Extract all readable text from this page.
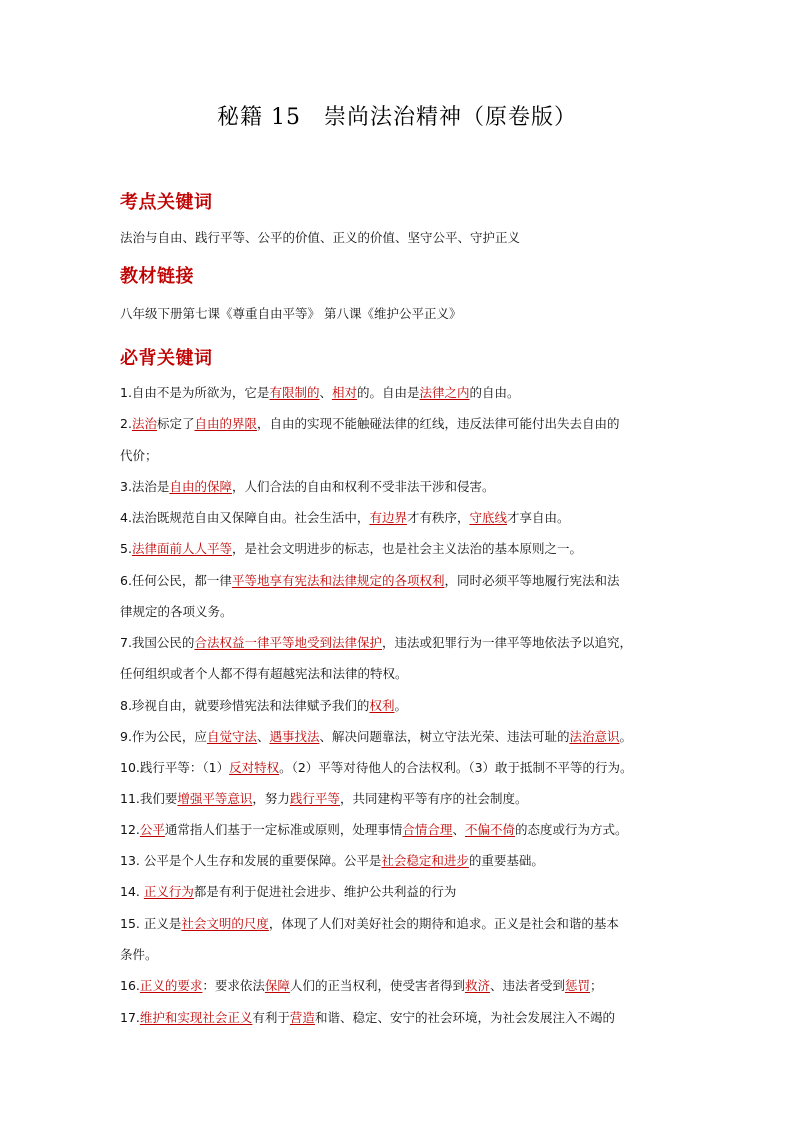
秘籍 15　崇尚法治精神（原卷版）
考点关键词
法治与自由、践行平等、公平的价值、正义的价值、坚守公平、守护正义
教材链接
八年级下册第七课《尊重自由平等》 第八课《维护公平正义》
必背关键词
1.自由不是为所欲为，它是有限制的、相对的。自由是法律之内的自由。
2.法治标定了自由的界限，自由的实现不能触碰法律的红线，违反法律可能付出失去自由的
代价；
3.法治是自由的保障，人们合法的自由和权利不受非法干涉和侵害。
4.法治既规范自由又保障自由。社会生活中，有边界才有秩序，守底线才享自由。
5.法律面前人人平等，是社会文明进步的标志，也是社会主义法治的基本原则之一。
6.任何公民，都一律平等地享有宪法和法律规定的各项权利，同时必须平等地履行宪法和法
律规定的各项义务。
7.我国公民的合法权益一律平等地受到法律保护，违法或犯罪行为一律平等地依法予以追究，
任何组织或者个人都不得有超越宪法和法律的特权。
8.珍视自由，就要珍惜宪法和法律赋予我们的权利。
9.作为公民，应自觉守法、遇事找法、解决问题靠法，树立守法光荣、违法可耻的法治意识。
10.践行平等：（1）反对特权。（2）平等对待他人的合法权利。（3）敢于抵制不平等的行为。
11.我们要增强平等意识，努力践行平等，共同建构平等有序的社会制度。
12.公平通常指人们基于一定标准或原则，处理事情合情合理、不偏不倚的态度或行为方式。
13. 公平是个人生存和发展的重要保障。公平是社会稳定和进步的重要基础。
14. 正义行为都是有利于促进社会进步、维护公共利益的行为
15. 正义是社会文明的尺度，体现了人们对美好社会的期待和追求。正义是社会和谐的基本
条件。
16.正义的要求：要求依法保障人们的正当权利，使受害者得到救济、违法者受到惩罚；
17.维护和实现社会正义有利于营造和谐、稳定、安宁的社会环境，为社会发展注入不竭的
